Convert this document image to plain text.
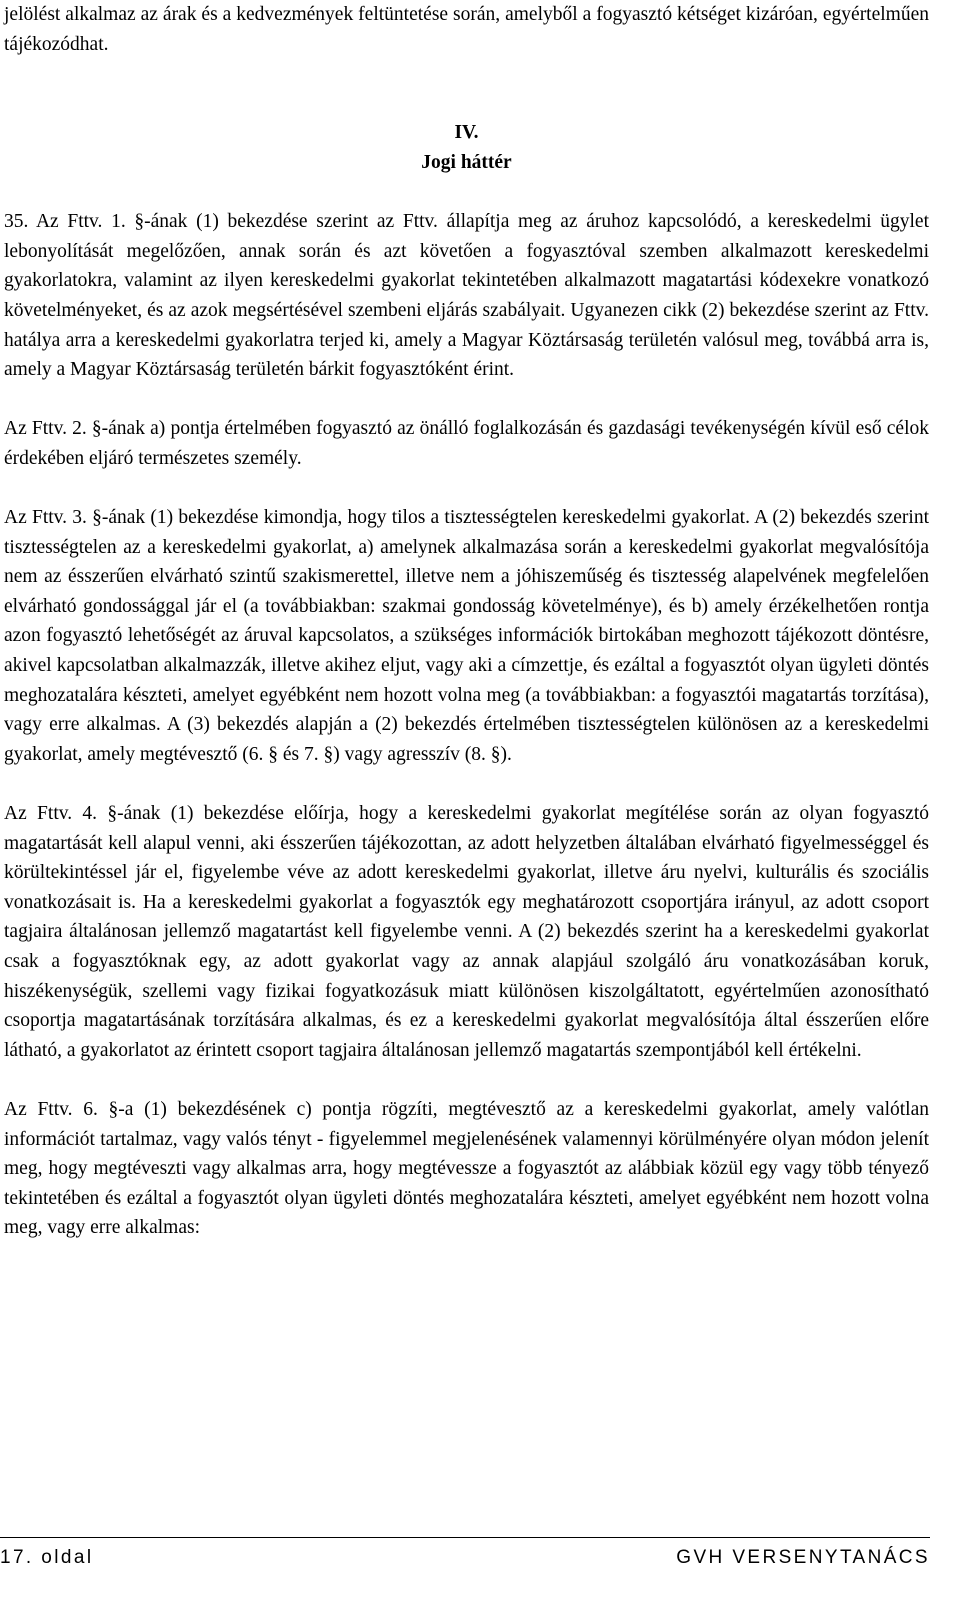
jelölést alkalmaz az árak és a kedvezmények feltüntetése során, amelyből a fogyasztó kétséget kizáróan, egyértelműen tájékozódhat.

IV.

Jogi háttér

35. Az Fttv. 1. §-ának (1) bekezdése szerint az Fttv. állapítja meg az áruhoz kapcsolódó, a kereskedelmi ügylet lebonyolítását megelőzően, annak során és azt követően a fogyasztóval szemben alkalmazott kereskedelmi gyakorlatokra, valamint az ilyen kereskedelmi gyakorlat tekintetében alkalmazott magatartási kódexekre vonatkozó követelményeket, és az azok megsértésével szembeni eljárás szabályait. Ugyanezen cikk (2) bekezdése szerint az Fttv. hatálya arra a kereskedelmi gyakorlatra terjed ki, amely a Magyar Köztársaság területén valósul meg, továbbá arra is, amely a Magyar Köztársaság területén bárkit fogyasztóként érint.

Az Fttv. 2. §-ának a) pontja értelmében fogyasztó az önálló foglalkozásán és gazdasági tevékenységén kívül eső célok érdekében eljáró természetes személy.

Az Fttv. 3. §-ának (1) bekezdése kimondja, hogy tilos a tisztességtelen kereskedelmi gyakorlat. A (2) bekezdés szerint tisztességtelen az a kereskedelmi gyakorlat, a) amelynek alkalmazása során a kereskedelmi gyakorlat megvalósítója nem az ésszerűen elvárható szintű szakismerettel, illetve nem a jóhiszeműség és tisztesség alapelvének megfelelően elvárható gondossággal jár el (a továbbiakban: szakmai gondosság követelménye), és b) amely érzékelhetően rontja azon fogyasztó lehetőségét az áruval kapcsolatos, a szükséges információk birtokában meghozott tájékozott döntésre, akivel kapcsolatban alkalmazzák, illetve akihez eljut, vagy aki a címzettje, és ezáltal a fogyasztót olyan ügyleti döntés meghozatalára készteti, amelyet egyébként nem hozott volna meg (a továbbiakban: a fogyasztói magatartás torzítása), vagy erre alkalmas. A (3) bekezdés alapján a (2) bekezdés értelmében tisztességtelen különösen az a kereskedelmi gyakorlat, amely megtévesztő (6. § és 7. §) vagy agresszív (8. §).

Az Fttv. 4. §-ának (1) bekezdése előírja, hogy a kereskedelmi gyakorlat megítélése során az olyan fogyasztó magatartását kell alapul venni, aki ésszerűen tájékozottan, az adott helyzetben általában elvárható figyelmességgel és körültekintéssel jár el, figyelembe véve az adott kereskedelmi gyakorlat, illetve áru nyelvi, kulturális és szociális vonatkozásait is. Ha a kereskedelmi gyakorlat a fogyasztók egy meghatározott csoportjára irányul, az adott csoport tagjaira általánosan jellemző magatartást kell figyelembe venni. A (2) bekezdés szerint ha a kereskedelmi gyakorlat csak a fogyasztóknak egy, az adott gyakorlat vagy az annak alapjául szolgáló áru vonatkozásában koruk, hiszékenységük, szellemi vagy fizikai fogyatkozásuk miatt különösen kiszolgáltatott, egyértelműen azonosítható csoportja magatartásának torzítására alkalmas, és ez a kereskedelmi gyakorlat megvalósítója által ésszerűen előre látható, a gyakorlatot az érintett csoport tagjaira általánosan jellemző magatartás szempontjából kell értékelni.

Az Fttv. 6. §-a (1) bekezdésének c) pontja rögzíti, megtévesztő az a kereskedelmi gyakorlat, amely valótlan információt tartalmaz, vagy valós tényt - figyelemmel megjelenésének valamennyi körülményére olyan módon jelenít meg, hogy megtéveszti vagy alkalmas arra, hogy megtévessze a fogyasztót az alábbiak közül egy vagy több tényező tekintetében és ezáltal a fogyasztót olyan ügyleti döntés meghozatalára készteti, amelyet egyébként nem hozott volna meg, vagy erre alkalmas:

17. oldal	GVH VERSENYTANÁCS
